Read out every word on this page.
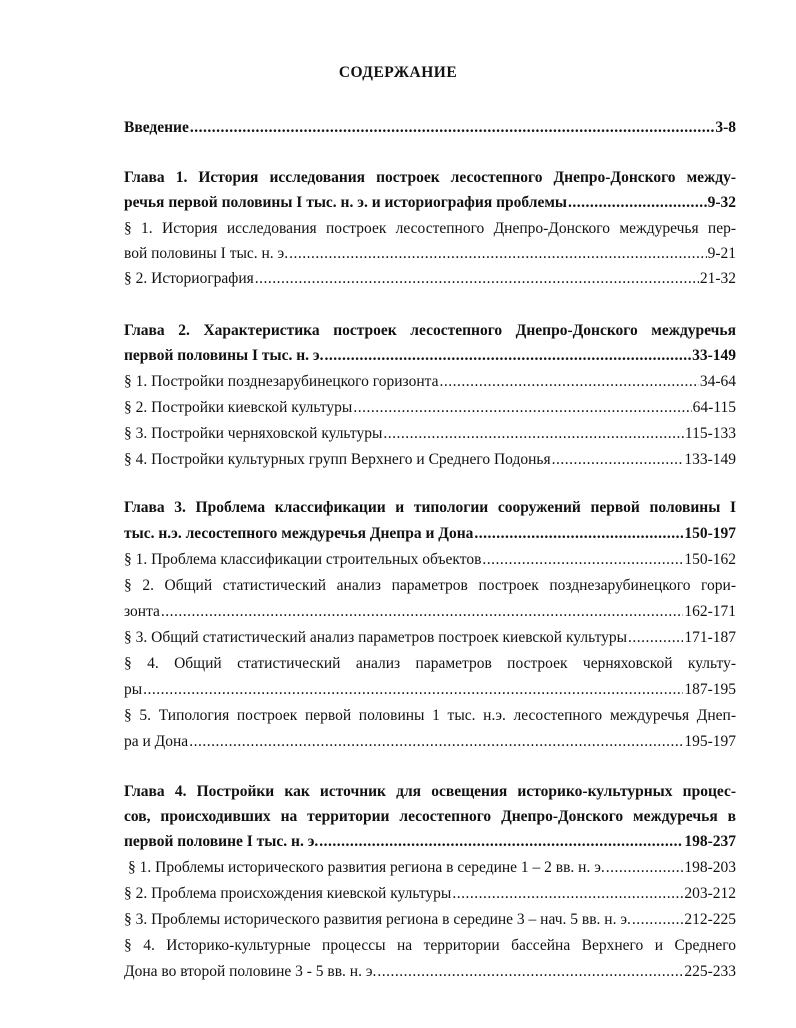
СОДЕРЖАНИЕ
Введение .....	3-8
Глава 1. История исследования построек лесостепного Днепро-Донского между-
речья первой половины I тыс. н. э. и историография проблемы .....	9-32
§ 1. История исследования построек лесостепного Днепро-Донского междуречья пер-
вой половины I тыс. н. э. .....	9-21
§ 2. Историография .....	21-32
Глава 2. Характеристика построек лесостепного Днепро-Донского междуречья
первой половины I тыс. н. э. .....	33-149
§ 1. Постройки позднезарубинецкого горизонта .....	34-64
§ 2. Постройки киевской культуры .....	64-115
§ 3. Постройки черняховской культуры .....	115-133
§ 4. Постройки культурных групп Верхнего и Среднего Подонья .....	133-149
Глава 3. Проблема классификации и типологии сооружений первой половины I
тыс. н.э. лесостепного междуречья Днепра и Дона .....	150-197
§ 1. Проблема классификации строительных объектов .....	150-162
§ 2. Общий статистический анализ параметров построек позднезарубинецкого гори-
зонта .....	162-171
§ 3. Общий статистический анализ параметров построек киевской культуры .....	171-187
§ 4. Общий статистический анализ параметров построек черняховской культу-
ры .....	187-195
§ 5. Типология построек первой половины 1 тыс. н.э. лесостепного междуречья Днеп-
ра и Дона .....	195-197
Глава 4. Постройки как источник для освещения историко-культурных процес-
сов, происходивших на территории лесостепного Днепро-Донского междуречья в
первой половине I тыс. н. э. .....	198-237
§ 1. Проблемы исторического развития региона в середине 1 – 2 вв. н. э. .....	198-203
§ 2. Проблема происхождения киевской культуры .....	203-212
§ 3. Проблемы исторического развития региона в середине 3 – нач. 5 вв. н. э. .....	212-225
§ 4. Историко-культурные процессы на территории бассейна Верхнего и Среднего
Дона во второй половине 3 - 5 вв. н. э. .....	225-233
